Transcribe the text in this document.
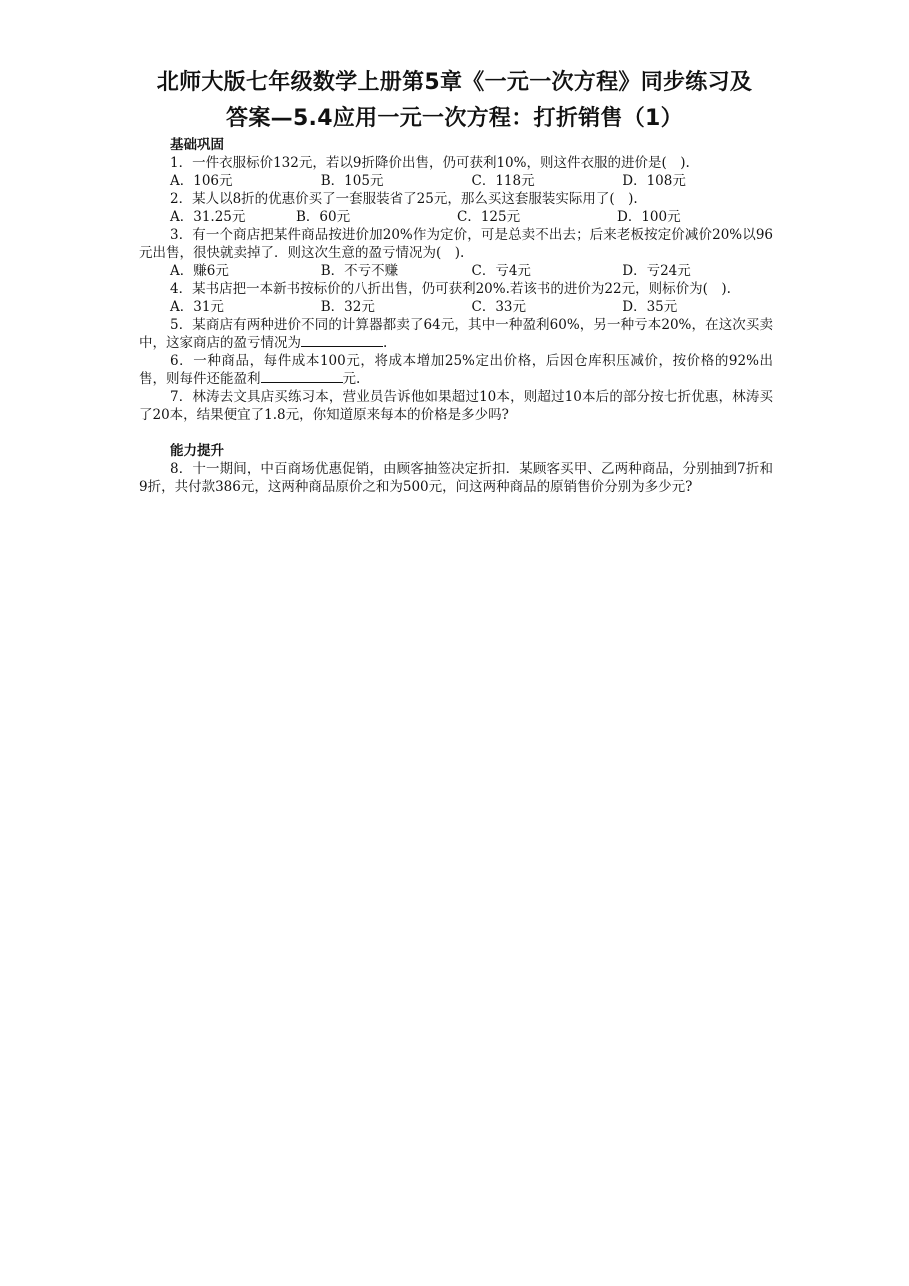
北师大版七年级数学上册第5章《一元一次方程》同步练习及
答案—5.4应用一元一次方程：打折销售（1）
基础巩固
1．一件衣服标价132元，若以9折降价出售，仍可获利10%，则这件衣服的进价是(　).
A．106元	B．105元	C．118元	D．108元
2．某人以8折的优惠价买了一套服装省了25元，那么买这套服装实际用了(　).
A．31.25元	B．60元	C．125元	D．100元
3．有一个商店把某件商品按进价加20%作为定价，可是总卖不出去；后来老板按定价减价20%以96元出售，很快就卖掉了．则这次生意的盈亏情况为(　).
A．赚6元	B．不亏不赚	C．亏4元	D．亏24元
4．某书店把一本新书按标价的八折出售，仍可获利20%.若该书的进价为22元，则标价为(　).
A．31元	B．32元	C．33元	D．35元
5．某商店有两种进价不同的计算器都卖了64元，其中一种盈利60%，另一种亏本20%，在这次买卖中，这家商店的盈亏情况为	.
6．一种商品，每件成本100元，将成本增加25%定出价格，后因仓库积压减价，按价格的92%出售，则每件还能盈利	元.
7．林涛去文具店买练习本，营业员告诉他如果超过10本，则超过10本后的部分按七折优惠，林涛买了20本，结果便宜了1.8元，你知道原来每本的价格是多少吗?
能力提升
8．十一期间，中百商场优惠促销，由顾客抽签决定折扣．某顾客买甲、乙两种商品，分别抽到7折和9折，共付款386元，这两种商品原价之和为500元，问这两种商品的原销售价分别为多少元?
